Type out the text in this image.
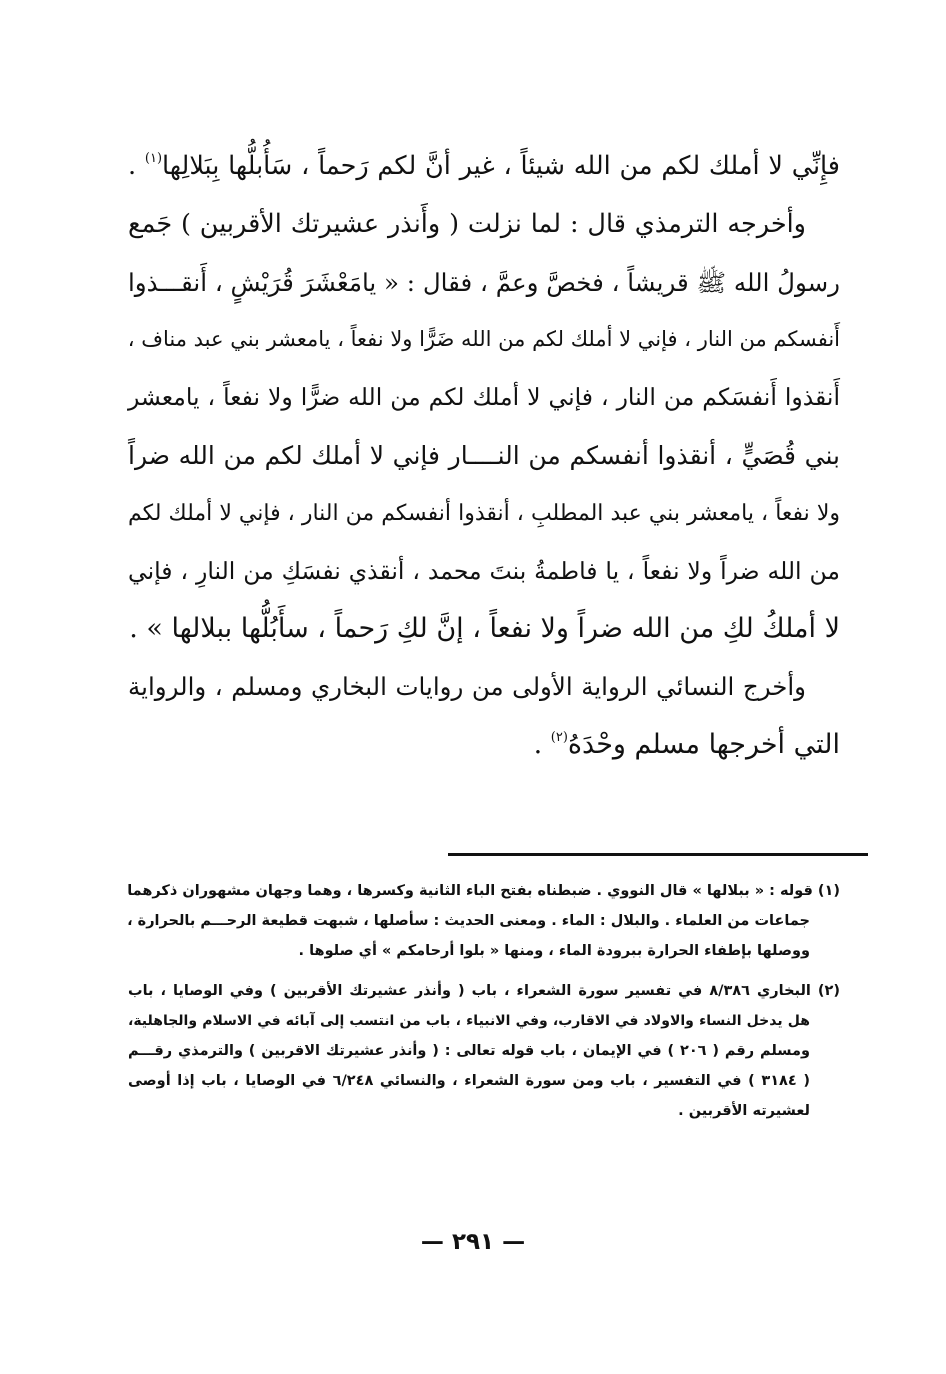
فإِنِّي لا أملك لكم من الله شيئاً ، غير أنَّ لكم رَحماً ، سَأُبلُّها بِبَلالِها$^{(١)}$ .
وأخرجه الترمذي قال : لما نزلت ( وأَنذر عشيرتك الأقربين ) جَمع
رسولُ الله ﷺ قريشاً ، فخصَّ وعمَّ ، فقال : « يامَعْشَرَ قُرَيْشٍ ، أَنقـــذوا
أَنفسكم من النار ، فإني لا أملك لكم من الله ضَرًّا ولا نفعاً ، يامعشر بني عبد مناف ،
أَنقذوا أَنفسَكم من النار ، فإني لا أملك لكم من الله ضرًّا ولا نفعاً ، يامعشر
بني قُصَيٍّ ، أنقذوا أنفسكم من النــــار فإني لا أملك لكم من الله ضراً
ولا نفعاً ، يامعشر بني عبد المطلبِ ، أنقذوا أنفسكم من النار ، فإني لا أملك لكم
من الله ضراً ولا نفعاً ، يا فاطمةُ بنتَ محمد ، أنقذي نفسَكِ من النارِ ، فإني
لا أملكُ لكِ من الله ضراً ولا نفعاً ، إنَّ لكِ رَحماً ، سأَبُلُّها ببلالها » .
وأخرج النسائي الرواية الأولى من روايات البخاري ومسلم ، والرواية
التي أخرجها مسلم وحْدَهُ$^{(٢)}$ .
(١) قوله : « ببلالها » قال النووي . ضبطناه بفتح الباء الثانية وكسرها ، وهما وجهان مشهوران ذكرهما
جماعات من العلماء . والبلال : الماء . ومعنى الحديث : سأصلها ، شبهت قطيعة الرحـــم بالحرارة ،
ووصلها بإطفاء الحرارة ببرودة الماء ، ومنها « بلوا أرحامكم » أي صلوها .
(٢) البخاري ٨/٣٨٦ في تفسير سورة الشعراء ، باب ( وأنذر عشيرتك الأقربين ) وفي الوصايا ، باب
هل يدخل النساء والاولاد في الاقارب، وفي الانبياء ، باب من انتسب إلى آبائه في الاسلام والجاهلية،
ومسلم رقم ( ٢٠٦ ) في الإيمان ، باب قوله تعالى : ( وأنذر عشيرتك الاقربين ) والترمذي رقـــم
( ٣١٨٤ ) في التفسير ، باب ومن سورة الشعراء ، والنسائي ٦/٢٤٨ في الوصايا ، باب إذا أوصى
لعشيرته الأقربين .
— ٢٩١ —
